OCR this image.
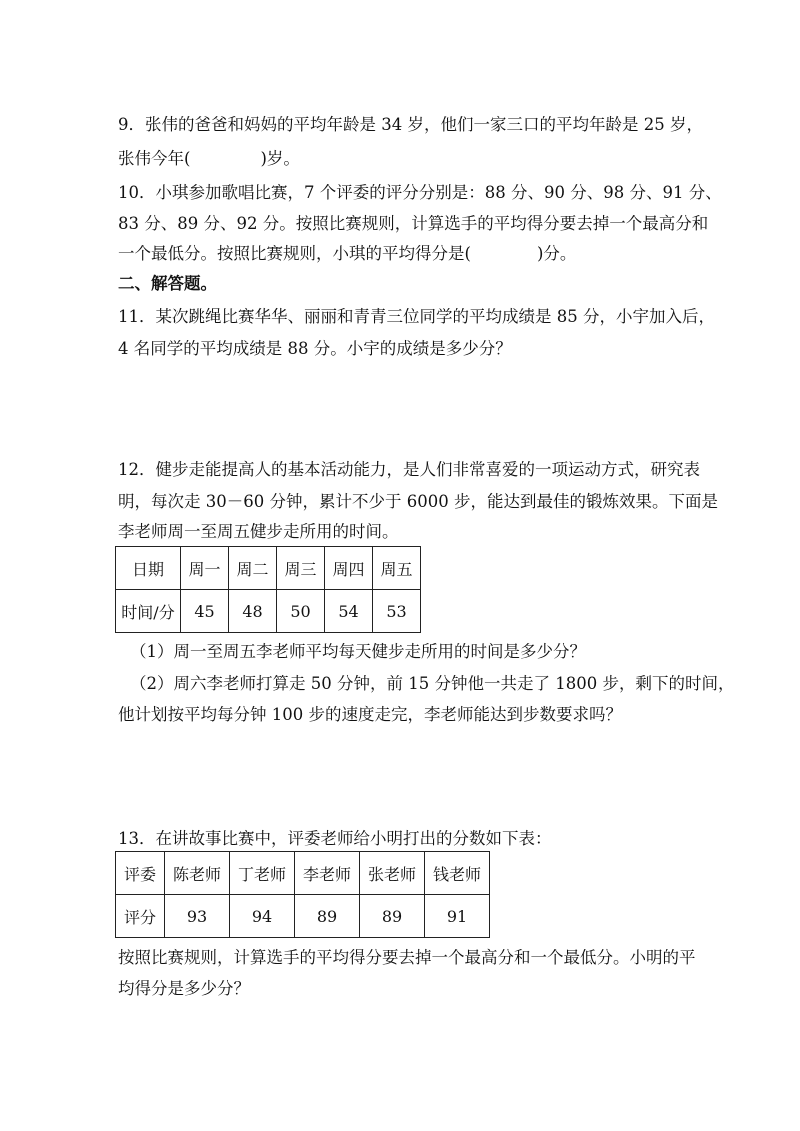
9．张伟的爸爸和妈妈的平均年龄是 34 岁，他们一家三口的平均年龄是 25 岁，
张伟今年(	)岁。
10．小琪参加歌唱比赛，7 个评委的评分分别是：88 分、90 分、98 分、91 分、
83 分、89 分、92 分。按照比赛规则，计算选手的平均得分要去掉一个最高分和
一个最低分。按照比赛规则，小琪的平均得分是(	)分。
二、解答题。
11．某次跳绳比赛华华、丽丽和青青三位同学的平均成绩是 85 分，小宇加入后，
4 名同学的平均成绩是 88 分。小宇的成绩是多少分？
12．健步走能提高人的基本活动能力，是人们非常喜爱的一项运动方式，研究表
明，每次走 30－60 分钟，累计不少于 6000 步，能达到最佳的锻炼效果。下面是
李老师周一至周五健步走所用的时间。
日期	周一	周二	周三	周四	周五
时间/分	45	48	50	54	53
（1）周一至周五李老师平均每天健步走所用的时间是多少分？
（2）周六李老师打算走 50 分钟，前 15 分钟他一共走了 1800 步，剩下的时间，
他计划按平均每分钟 100 步的速度走完，李老师能达到步数要求吗？
13．在讲故事比赛中，评委老师给小明打出的分数如下表：
评委	陈老师	丁老师	李老师	张老师	钱老师
评分	93	94	89	89	91
按照比赛规则，计算选手的平均得分要去掉一个最高分和一个最低分。小明的平
均得分是多少分？
